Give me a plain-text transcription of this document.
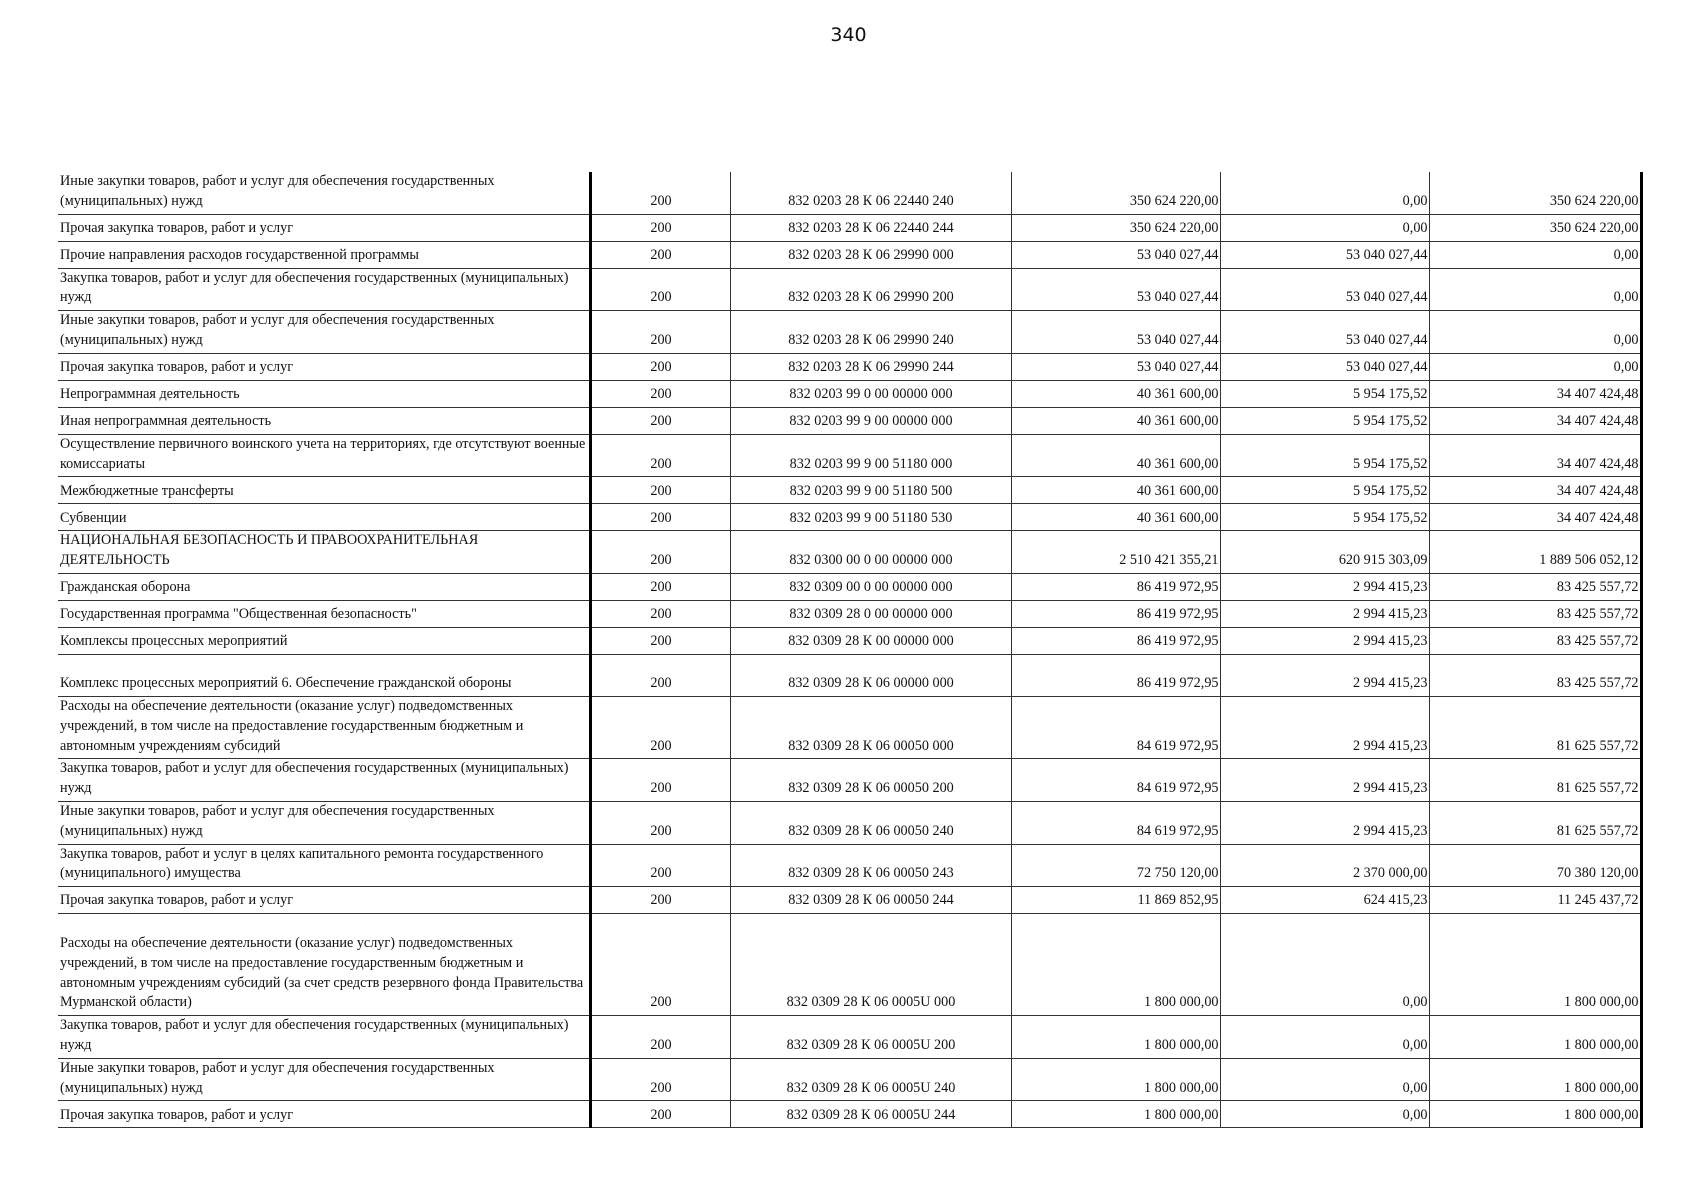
340
Иные закупки товаров, работ и услуг для обеспечения государственных (муниципальных) нужд	200	832 0203 28 К 06 22440 240	350 624 220,00	0,00	350 624 220,00
Прочая закупка товаров, работ и услуг	200	832 0203 28 К 06 22440 244	350 624 220,00	0,00	350 624 220,00
Прочие направления расходов государственной программы	200	832 0203 28 К 06 29990 000	53 040 027,44	53 040 027,44	0,00
Закупка товаров, работ и услуг для обеспечения государственных (муниципальных) нужд	200	832 0203 28 К 06 29990 200	53 040 027,44	53 040 027,44	0,00
Иные закупки товаров, работ и услуг для обеспечения государственных (муниципальных) нужд	200	832 0203 28 К 06 29990 240	53 040 027,44	53 040 027,44	0,00
Прочая закупка товаров, работ и услуг	200	832 0203 28 К 06 29990 244	53 040 027,44	53 040 027,44	0,00
Непрограммная деятельность	200	832 0203 99 0 00 00000 000	40 361 600,00	5 954 175,52	34 407 424,48
Иная непрограммная деятельность	200	832 0203 99 9 00 00000 000	40 361 600,00	5 954 175,52	34 407 424,48
Осуществление первичного воинского учета на территориях, где отсутствуют военные комиссариаты	200	832 0203 99 9 00 51180 000	40 361 600,00	5 954 175,52	34 407 424,48
Межбюджетные трансферты	200	832 0203 99 9 00 51180 500	40 361 600,00	5 954 175,52	34 407 424,48
Субвенции	200	832 0203 99 9 00 51180 530	40 361 600,00	5 954 175,52	34 407 424,48
НАЦИОНАЛЬНАЯ БЕЗОПАСНОСТЬ И ПРАВООХРАНИТЕЛЬНАЯ ДЕЯТЕЛЬНОСТЬ	200	832 0300 00 0 00 00000 000	2 510 421 355,21	620 915 303,09	1 889 506 052,12
Гражданская оборона	200	832 0309 00 0 00 00000 000	86 419 972,95	2 994 415,23	83 425 557,72
Государственная программа "Общественная безопасность"	200	832 0309 28 0 00 00000 000	86 419 972,95	2 994 415,23	83 425 557,72
Комплексы процессных мероприятий	200	832 0309 28 К 00 00000 000	86 419 972,95	2 994 415,23	83 425 557,72
Комплекс процессных мероприятий 6. Обеспечение гражданской обороны	200	832 0309 28 К 06 00000 000	86 419 972,95	2 994 415,23	83 425 557,72
Расходы на обеспечение деятельности (оказание услуг) подведомственных учреждений, в том числе на предоставление государственным бюджетным и автономным учреждениям субсидий	200	832 0309 28 К 06 00050 000	84 619 972,95	2 994 415,23	81 625 557,72
Закупка товаров, работ и услуг для обеспечения государственных (муниципальных) нужд	200	832 0309 28 К 06 00050 200	84 619 972,95	2 994 415,23	81 625 557,72
Иные закупки товаров, работ и услуг для обеспечения государственных (муниципальных) нужд	200	832 0309 28 К 06 00050 240	84 619 972,95	2 994 415,23	81 625 557,72
Закупка товаров, работ и услуг в целях капитального ремонта государственного (муниципального) имущества	200	832 0309 28 К 06 00050 243	72 750 120,00	2 370 000,00	70 380 120,00
Прочая закупка товаров, работ и услуг	200	832 0309 28 К 06 00050 244	11 869 852,95	624 415,23	11 245 437,72
Расходы на обеспечение деятельности (оказание услуг) подведомственных учреждений, в том числе на предоставление государственным бюджетным и автономным учреждениям субсидий (за счет средств резервного фонда Правительства Мурманской области)	200	832 0309 28 К 06 0005U 000	1 800 000,00	0,00	1 800 000,00
Закупка товаров, работ и услуг для обеспечения государственных (муниципальных) нужд	200	832 0309 28 К 06 0005U 200	1 800 000,00	0,00	1 800 000,00
Иные закупки товаров, работ и услуг для обеспечения государственных (муниципальных) нужд	200	832 0309 28 К 06 0005U 240	1 800 000,00	0,00	1 800 000,00
Прочая закупка товаров, работ и услуг	200	832 0309 28 К 06 0005U 244	1 800 000,00	0,00	1 800 000,00
